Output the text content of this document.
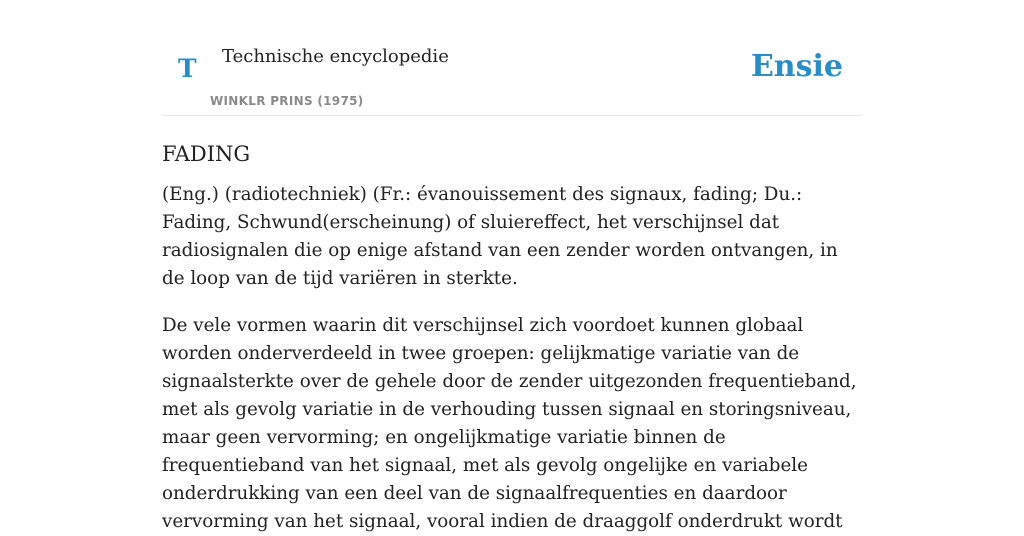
T Technische encyclopedie
WINKLR PRINS (1975)
Ensie
FADING

(Eng.) (radiotechniek) (Fr.: évanouissement des signaux, fading; Du.: Fading, Schwund(erscheinung) of sluiereffect, het verschijnsel dat radiosignalen die op enige afstand van een zender worden ontvangen, in de loop van de tijd variëren in sterkte.

De vele vormen waarin dit verschijnsel zich voordoet kunnen globaal worden onderverdeeld in twee groepen: gelijkmatige variatie van de signaalsterkte over de gehele door de zender uitgezonden frequentieband, met als gevolg variatie in de verhouding tussen signaal en storingsniveau, maar geen vervorming; en ongelijkmatige variatie binnen de frequentieband van het signaal, met als gevolg ongelijke en variabele onderdrukking van een deel van de signaalfrequenties en daardoor vervorming van het signaal, vooral indien de draaggolf onderdrukt wordt
